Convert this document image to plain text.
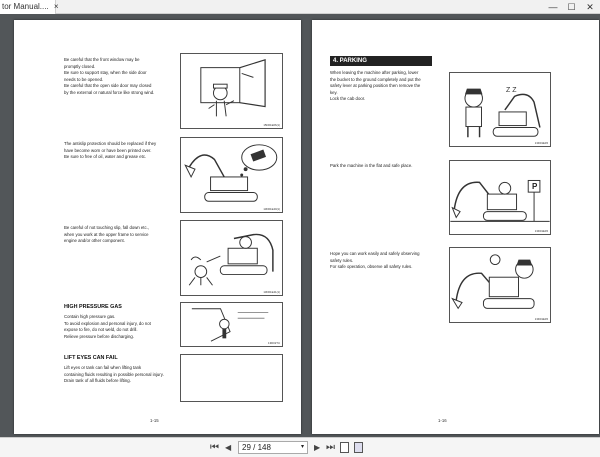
tor Manual.... ×	— ☐ ✕

Be careful that the front window may be

promptly closed.

Be sure to support stay, when the side door

needs to be opened.

Be careful that the open side door may closed

by the external or natural force like strong wind.

15D01E06(1)

The antislip protection should be replaced if they

have become worn or have been printed over.

Be sure to free of oil, water and grease etc.

13D01E40(1)

Be careful of not touching slip, fall down etc.,

when you work at the upper frame to service

engine and/or other component.

13D01E41(1)
HIGH PRESSURE GAS

Contain high pressure gas.

To avoid explosion and personal injury, do not

expose to fire, do not weld, do not drill.

Relieve pressure before discharging.

13D02TU
LIFT EYES CAN FAIL

Lift eyes or tank can fail when lifting tank

containing fluids resulting in possible personal injury.

Drain tank of all fluids before lifting.

1-15
4. PARKING

When leaving the machine after parking, lower

the bucket to the ground completely and put the

safety lever at parking position then remove the

key.

Lock the cab door.

Z Z
13D01E45

Park the machine in the flat and safe place.

P
13D01E45

Hope you can work easily and safely observing

safety rules.

For safe operation, observe all safety rules.

13D01E45
1-16
⏮ ◀	29 / 148	▾ ▶ ⏭
